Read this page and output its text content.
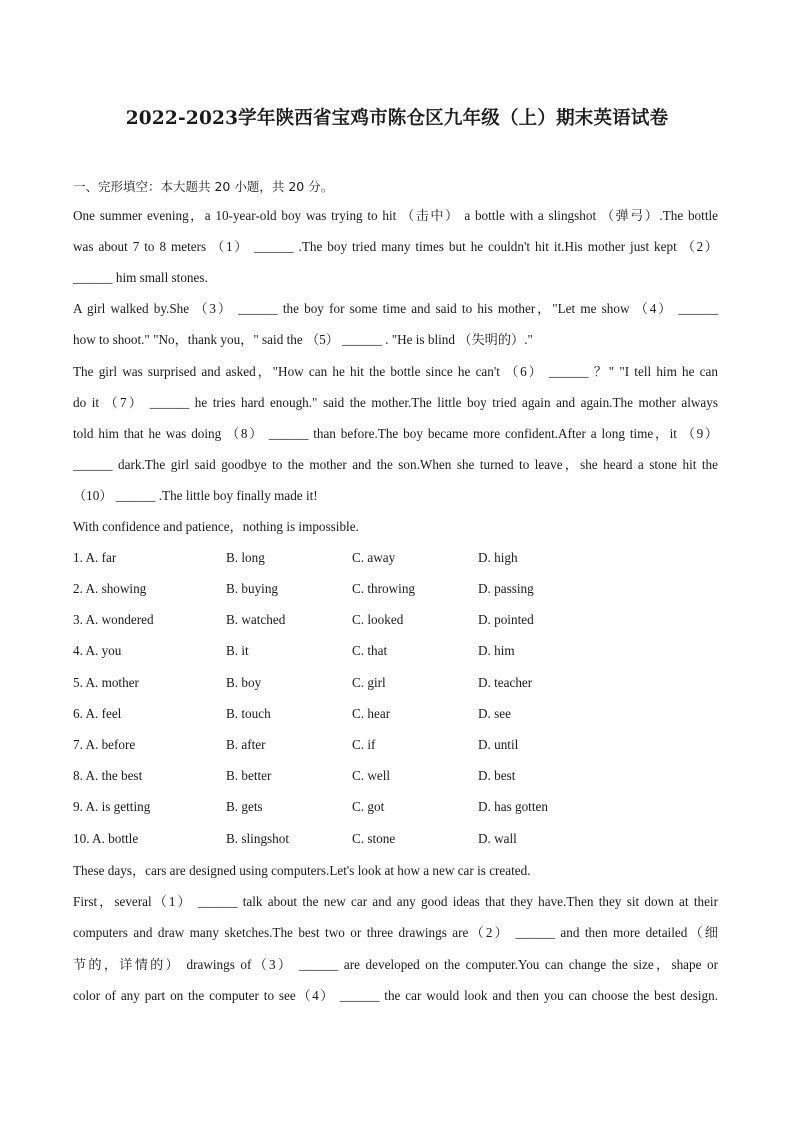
2022-2023学年陕西省宝鸡市陈仓区九年级（上）期末英语试卷
一、完形填空：本大题共 20 小题，共 20 分。
One summer evening，a 10-year-old boy was trying to hit （击中） a bottle with a slingshot （弹弓）.The bottle
was about 7 to 8 meters （1） ______ .The boy tried many times but he couldn't hit it.His mother just kept （2）
______ him small stones.
A girl walked by.She （3） ______ the boy for some time and said to his mother，"Let me show （4） ______
how to shoot." "No，thank you，" said the （5） ______ . "He is blind （失明的）."
The girl was surprised and asked，"How can he hit the bottle since he can't （6） ______ ？" "I tell him he can
do it （7） ______ he tries hard enough." said the mother.The little boy tried again and again.The mother always
told him that he was doing （8） ______ than before.The boy became more confident.After a long time，it （9）
______ dark.The girl said goodbye to the mother and the son.When she turned to leave，she heard a stone hit the
（10） ______ .The little boy finally made it!
With confidence and patience，nothing is impossible.
1. A. far	B. long	C. away	D. high
2. A. showing	B. buying	C. throwing	D. passing
3. A. wondered	B. watched	C. looked	D. pointed
4. A. you	B. it	C. that	D. him
5. A. mother	B. boy	C. girl	D. teacher
6. A. feel	B. touch	C. hear	D. see
7. A. before	B. after	C. if	D. until
8. A. the best	B. better	C. well	D. best
9. A. is getting	B. gets	C. got	D. has gotten
10. A. bottle	B. slingshot	C. stone	D. wall
These days，cars are designed using computers.Let's look at how a new car is created.
First，several（1） ______ talk about the new car and any good ideas that they have.Then they sit down at their
computers and draw many sketches.The best two or three drawings are（2） ______ and then more detailed（细
节的，详情的） drawings of（3） ______ are developed on the computer.You can change the size，shape or
color of any part on the computer to see（4） ______ the car would look and then you can choose the best design.
